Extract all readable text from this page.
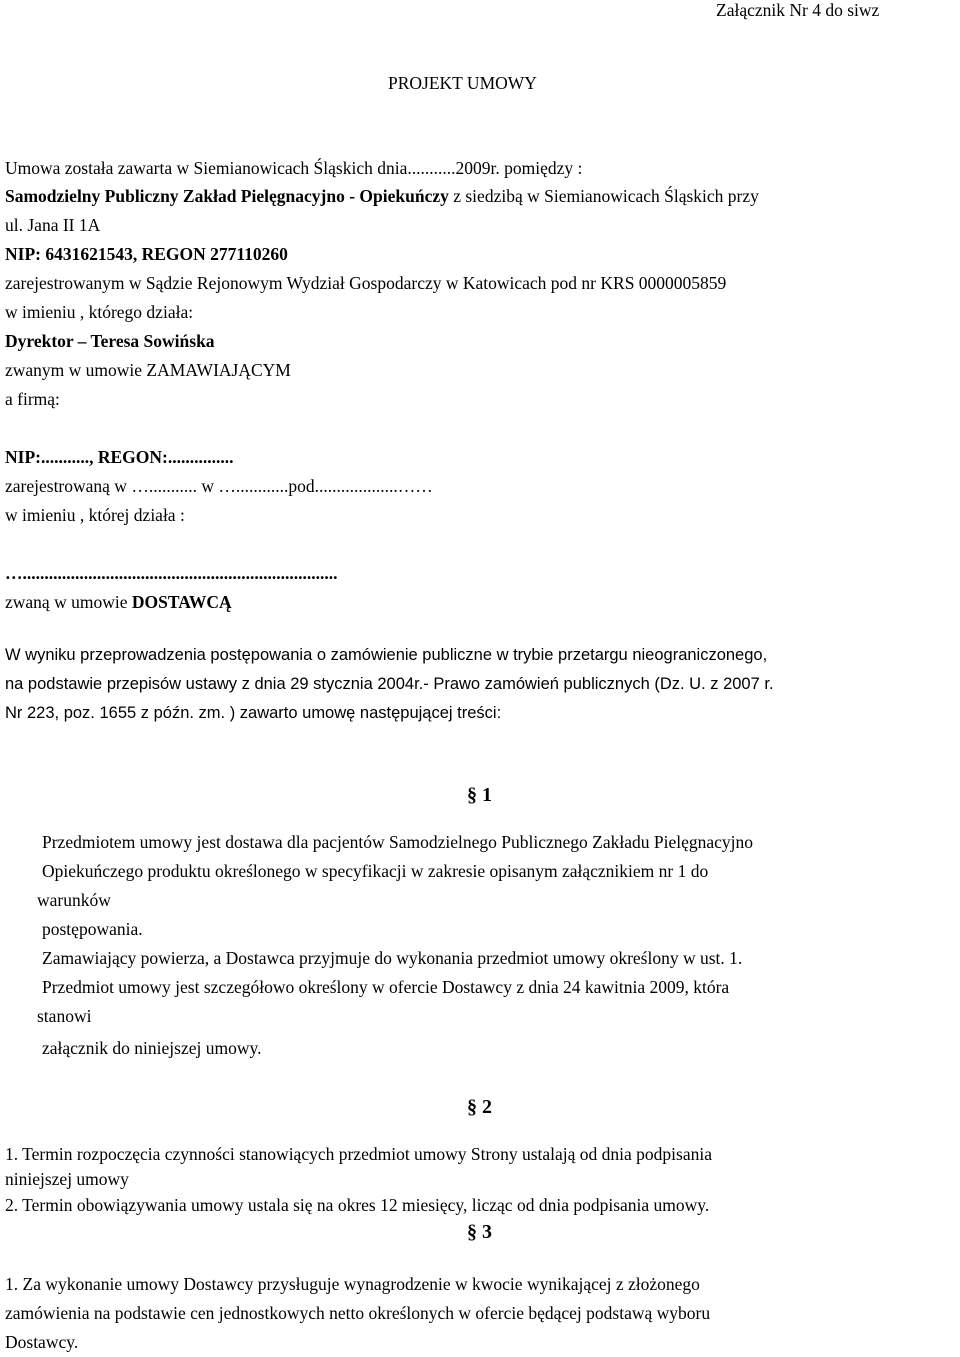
Załącznik Nr 4 do siwz
PROJEKT UMOWY
Umowa została zawarta w Siemianowicach Śląskich dnia...........2009r. pomiędzy :
Samodzielny Publiczny Zakład Pielęgnacyjno - Opiekuńczy z siedzibą w Siemianowicach Śląskich przy
ul. Jana II 1A
NIP: 6431621543, REGON 277110260
zarejestrowanym w Sądzie Rejonowym Wydział Gospodarczy w Katowicach pod nr KRS 0000005859
w imieniu , którego działa:
Dyrektor – Teresa Sowińska
zwanym w umowie ZAMAWIAJĄCYM
a firmą:
NIP:..........., REGON:...............
zarejestrowaną w …........... w …............pod...................……
w imieniu , której działa :
…........................................................................
zwaną w umowie DOSTAWCĄ
W wyniku przeprowadzenia postępowania o zamówienie publiczne w trybie przetargu nieograniczonego,
na podstawie przepisów ustawy z dnia 29 stycznia 2004r.- Prawo zamówień publicznych (Dz. U. z 2007 r.
Nr 223, poz. 1655 z późn. zm. ) zawarto umowę następującej treści:
§ 1
Przedmiotem umowy jest dostawa dla pacjentów Samodzielnego Publicznego Zakładu Pielęgnacyjno
Opiekuńczego produktu określonego w specyfikacji w zakresie opisanym załącznikiem nr 1 do
warunków
postępowania.
Zamawiający powierza, a Dostawca przyjmuje do wykonania przedmiot umowy określony w ust. 1.
Przedmiot umowy jest szczegółowo określony w ofercie Dostawcy z dnia 24 kawitnia 2009, która
stanowi
załącznik do niniejszej umowy.
§ 2
1. Termin rozpoczęcia czynności stanowiących przedmiot umowy Strony ustalają od dnia podpisania
niniejszej umowy
2. Termin obowiązywania umowy ustala się na okres 12 miesięcy, licząc od dnia podpisania umowy.
§ 3
1. Za wykonanie umowy Dostawcy przysługuje wynagrodzenie w kwocie wynikającej z złożonego
zamówienia na podstawie cen jednostkowych netto określonych w ofercie będącej podstawą wyboru
Dostawcy.
